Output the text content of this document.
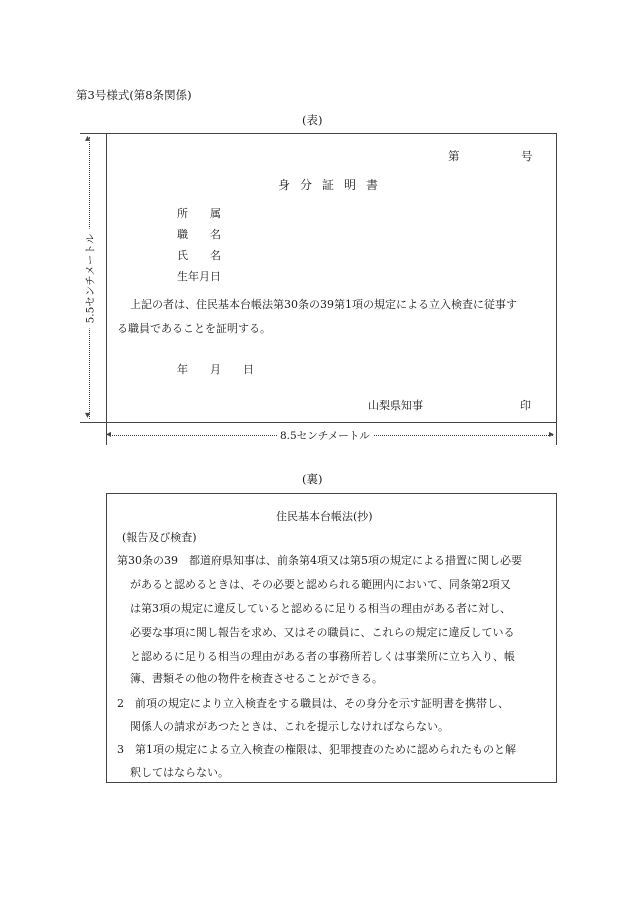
第3号様式(第8条関係)
(表)
第	号
身分証明書
所　　属
職　　名
氏　　名
生年月日
上記の者は、住民基本台帳法第30条の39第1項の規定による立入検査に従事す
る職員であることを証明する。
年　　月　　日
山梨県知事	印
▴
▾
5.5センチメートル
◂	▸
8.5センチメートル
(裏)
住民基本台帳法(抄)
(報告及び検査)
第30条の39　都道府県知事は、前条第4項又は第5項の規定による措置に関し必要
があると認めるときは、その必要と認められる範囲内において、同条第2項又
は第3項の規定に違反していると認めるに足りる相当の理由がある者に対し、
必要な事項に関し報告を求め、又はその職員に、これらの規定に違反している
と認めるに足りる相当の理由がある者の事務所若しくは事業所に立ち入り、帳
簿、書類その他の物件を検査させることができる。
2　前項の規定により立入検査をする職員は、その身分を示す証明書を携帯し、
関係人の請求があつたときは、これを提示しなければならない。
3　第1項の規定による立入検査の権限は、犯罪捜査のために認められたものと解
釈してはならない。
